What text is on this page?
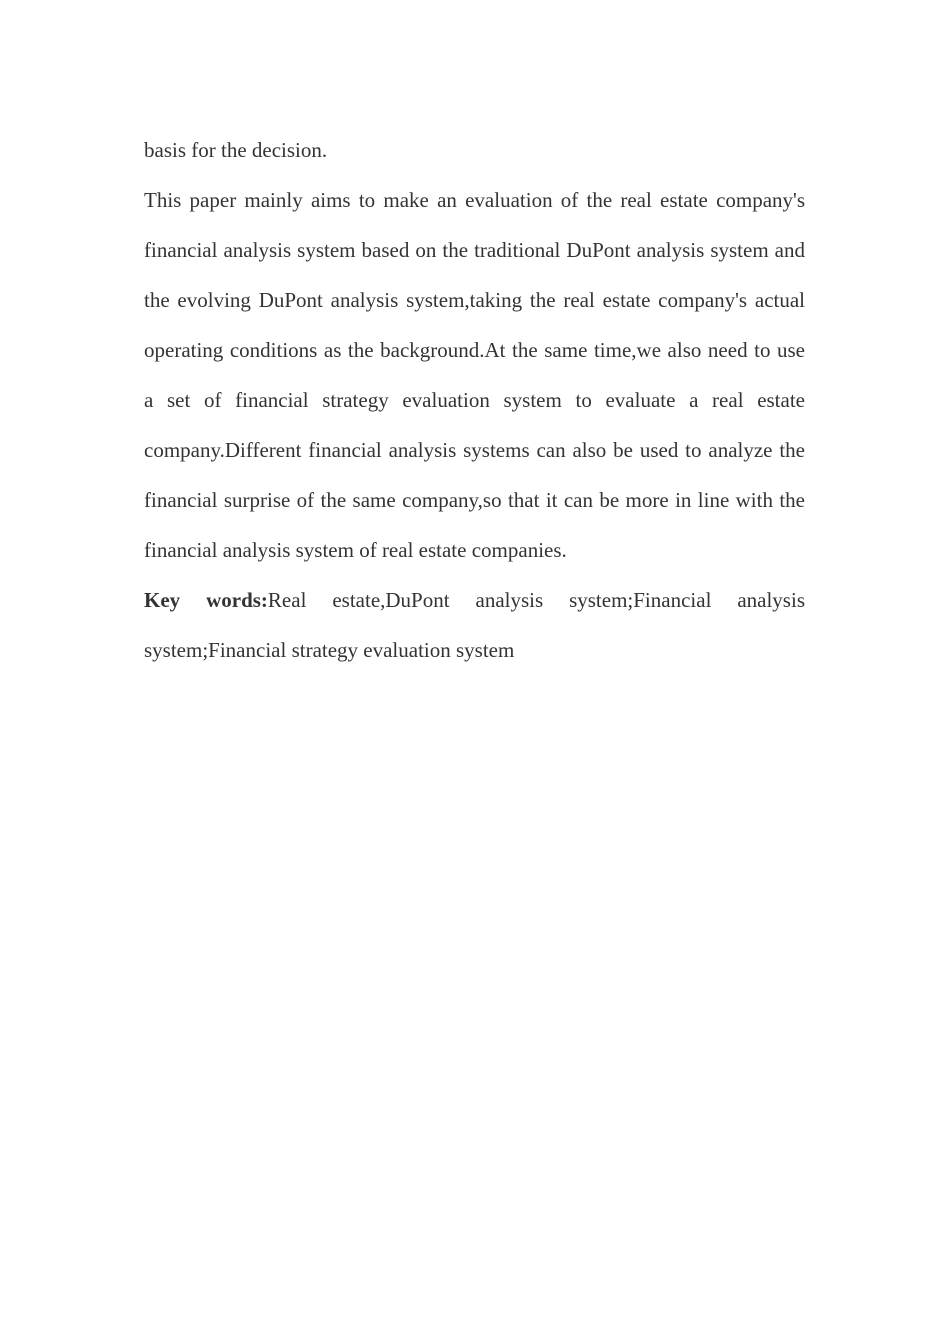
basis for the decision.

This paper mainly aims to make an evaluation of the real estate company's financial analysis system based on the traditional DuPont analysis system and the evolving DuPont analysis system,taking the real estate company's actual operating conditions as the background.At the same time,we also need to use a set of financial strategy evaluation system to evaluate a real estate company.Different financial analysis systems can also be used to analyze the financial surprise of the same company,so that it can be more in line with the financial analysis system of real estate companies.

Key words:Real estate,DuPont analysis system;Financial analysis system;Financial strategy evaluation system
